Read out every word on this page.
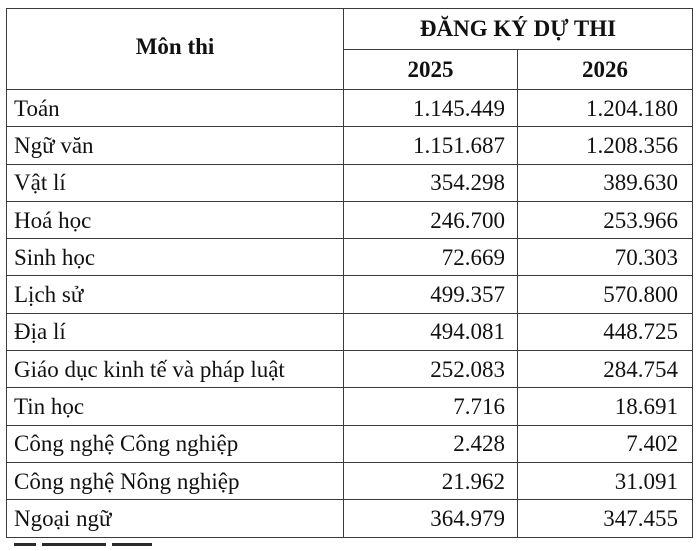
Môn thi	ĐĂNG KÝ DỰ THI	
	2025	2026
Toán	1.145.449	1.204.180
Ngữ văn	1.151.687	1.208.356
Vật lí	354.298	389.630
Hoá học	246.700	253.966
Sinh học	72.669	70.303
Lịch sử	499.357	570.800
Địa lí	494.081	448.725
Giáo dục kinh tế và pháp luật	252.083	284.754
Tin học	7.716	18.691
Công nghệ Công nghiệp	2.428	7.402
Công nghệ Nông nghiệp	21.962	31.091
Ngoại ngữ	364.979	347.455
